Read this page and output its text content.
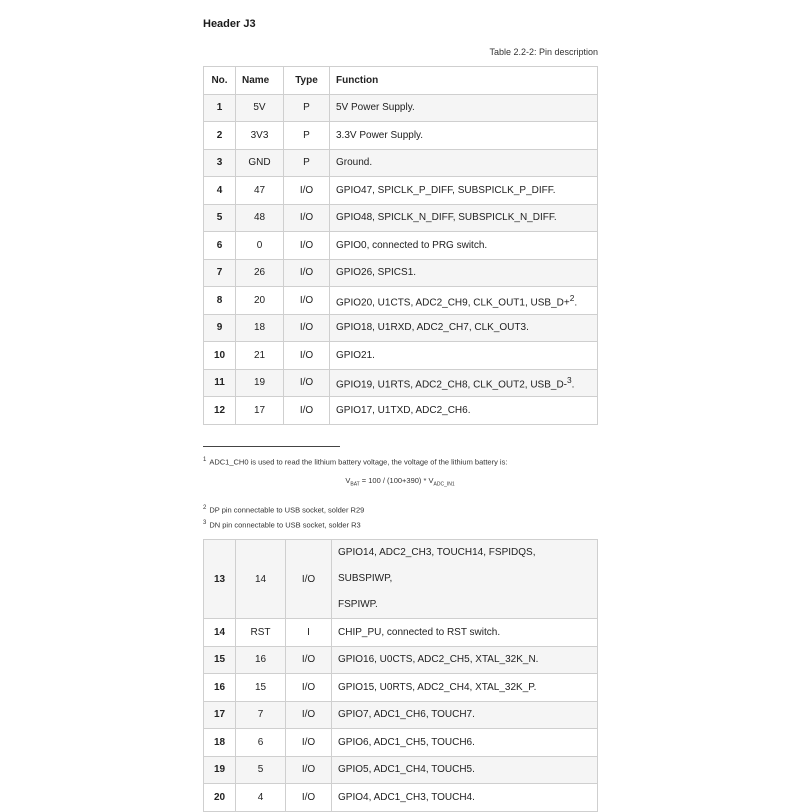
Header J3
Table 2.2-2: Pin description
No.	Name	Type	Function
1	5V	P	5V Power Supply.
2	3V3	P	3.3V Power Supply.
3	GND	P	Ground.
4	47	I/O	GPIO47, SPICLK_P_DIFF, SUBSPICLK_P_DIFF.
5	48	I/O	GPIO48, SPICLK_N_DIFF, SUBSPICLK_N_DIFF.
6	0	I/O	GPIO0, connected to PRG switch.
7	26	I/O	GPIO26, SPICS1.
8	20	I/O	GPIO20, U1CTS, ADC2_CH9, CLK_OUT1, USB_D+$^2$.
9	18	I/O	GPIO18, U1RXD, ADC2_CH7, CLK_OUT3.
10	21	I/O	GPIO21.
11	19	I/O	GPIO19, U1RTS, ADC2_CH8, CLK_OUT2, USB_D-$^3$.
12	17	I/O	GPIO17, U1TXD, ADC2_CH6.
$^1$ ADC1_CH0 is used to read the lithium battery voltage, the voltage of the lithium battery is:
$V_{BAT} = 100 / (100+390) * V_{ADC\_IN1}$
$^2$ DP pin connectable to USB socket, solder R29
$^3$ DN pin connectable to USB socket, solder R3
13	14	I/O	GPIO14, ADC2_CH3, TOUCH14, FSPIDQS, SUBSPIWP,
FSPIWP.
14	RST	I	CHIP_PU, connected to RST switch.
15	16	I/O	GPIO16, U0CTS, ADC2_CH5, XTAL_32K_N.
16	15	I/O	GPIO15, U0RTS, ADC2_CH4, XTAL_32K_P.
17	7	I/O	GPIO7, ADC1_CH6, TOUCH7.
18	6	I/O	GPIO6, ADC1_CH5, TOUCH6.
19	5	I/O	GPIO5, ADC1_CH4, TOUCH5.
20	4	I/O	GPIO4, ADC1_CH3, TOUCH4.
